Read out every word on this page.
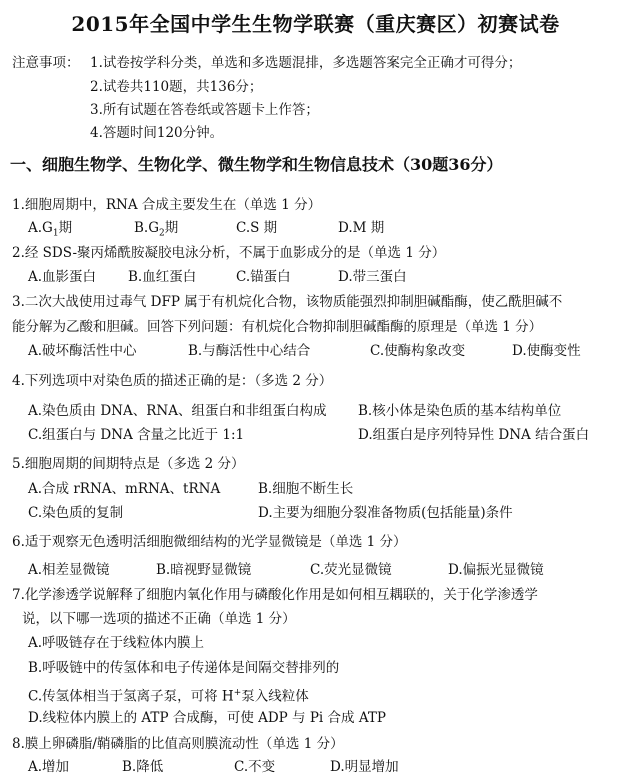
2015年全国中学生生物学联赛（重庆赛区）初赛试卷
注意事项： 1.试卷按学科分类，单选和多选题混排，多选题答案完全正确才可得分；
2.试卷共110题，共136分；
3.所有试题在答卷纸或答题卡上作答；
4.答题时间120分钟。
一、细胞生物学、生物化学、微生物学和生物信息技术（30题36分）
1.细胞周期中，RNA 合成主要发生在（单选 1 分）
$A.G_1$期	$B.G_2$期	C.S 期	D.M 期
2.经 SDS-聚丙烯酰胺凝胶电泳分析，不属于血影成分的是（单选 1 分）
A.血影蛋白 B.血红蛋白	C.锚蛋白	D.带三蛋白
3.二次大战使用过毒气 DFP 属于有机烷化合物，该物质能强烈抑制胆碱酯酶，使乙酰胆碱不
能分解为乙酸和胆碱。回答下列问题：有机烷化合物抑制胆碱酯酶的原理是（单选 1 分）
A.破坏酶活性中心	B.与酶活性中心结合	C.使酶构象改变	D.使酶变性
4.下列选项中对染色质的描述正确的是：（多选 2 分）
A.染色质由 DNA、RNA、组蛋白和非组蛋白构成 B.核小体是染色质的基本结构单位
C.组蛋白与 DNA 含量之比近于 1:1	D.组蛋白是序列特异性 DNA 结合蛋白
5.细胞周期的间期特点是（多选 2 分）
A.合成 rRNA、mRNA、tRNA	B.细胞不断生长
C.染色质的复制	D.主要为细胞分裂准备物质(包括能量)条件
6.适于观察无色透明活细胞微细结构的光学显微镜是（单选 1 分）
A.相差显微镜	B.暗视野显微镜	C.荧光显微镜	D.偏振光显微镜
7.化学渗透学说解释了细胞内氧化作用与磷酸化作用是如何相互耦联的，关于化学渗透学
说，以下哪一选项的描述不正确（单选 1 分）
A.呼吸链存在于线粒体内膜上
B.呼吸链中的传氢体和电子传递体是间隔交替排列的
C.传氢体相当于氢离子泵，可将 H+泵入线粒体
D.线粒体内膜上的 ATP 合成酶，可使 ADP 与 Pi 合成 ATP
8.膜上卵磷脂/鞘磷脂的比值高则膜流动性（单选 1 分）
A.增加	B.降低	C.不变	D.明显增加
